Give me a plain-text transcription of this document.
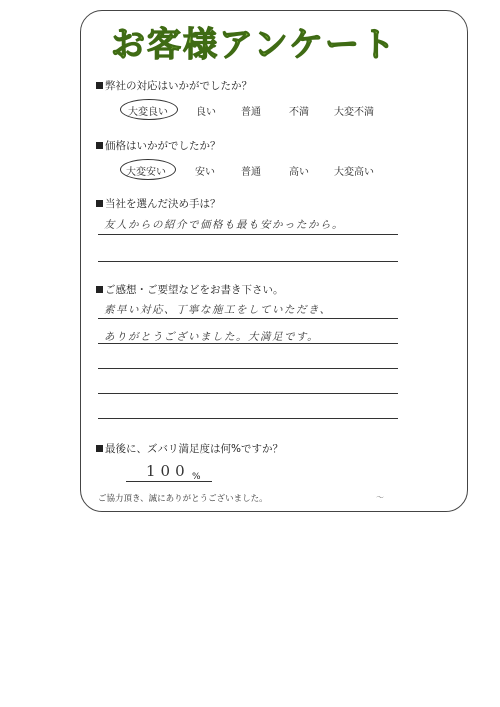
お客様アンケート
弊社の対応はいかがでしたか？
大変良い	良い	普通	不満	大変不満
価格はいかがでしたか？
大変安い	安い	普通	高い	大変高い
当社を選んだ決め手は？
友人からの紹介で価格も最も安かったから。
ご感想・ご要望などをお書き下さい。
素早い対応、丁寧な施工をしていただき、
ありがとうございました。大満足です。
最後に、ズバリ満足度は何%ですか？
100 %
ご協力頂き、誠にありがとうございました。	～
